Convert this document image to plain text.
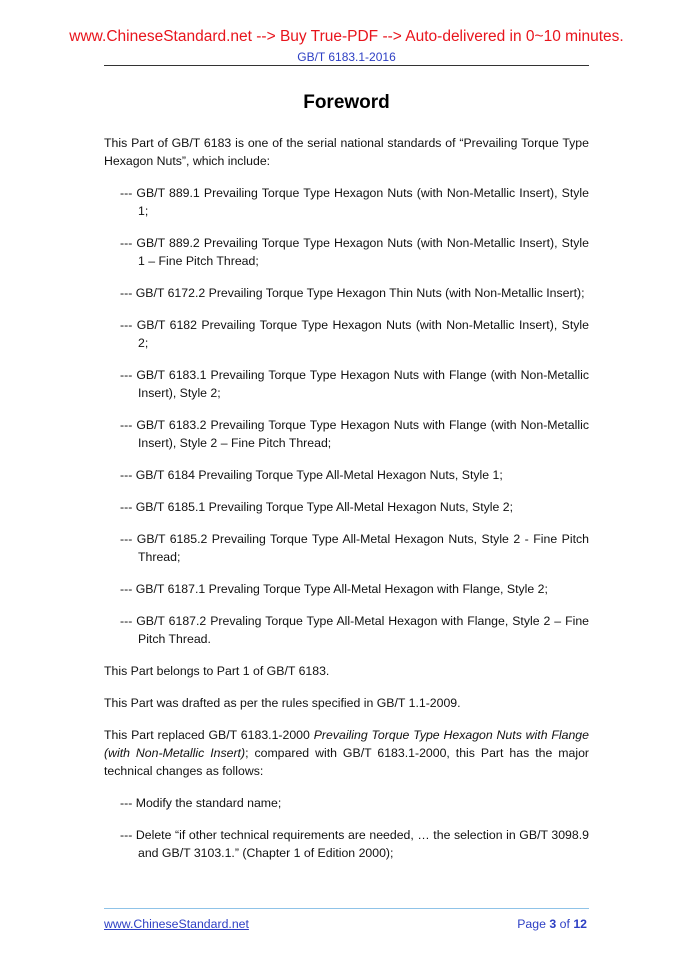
www.ChineseStandard.net --> Buy True-PDF --> Auto-delivered in 0~10 minutes.
GB/T 6183.1-2016
Foreword

This Part of GB/T 6183 is one of the serial national standards of “Prevailing Torque Type Hexagon Nuts”, which include:

--- GB/T 889.1 Prevailing Torque Type Hexagon Nuts (with Non-Metallic Insert), Style 1;

--- GB/T 889.2 Prevailing Torque Type Hexagon Nuts (with Non-Metallic Insert), Style 1 – Fine Pitch Thread;

--- GB/T 6172.2 Prevailing Torque Type Hexagon Thin Nuts (with Non-Metallic Insert);

--- GB/T 6182 Prevailing Torque Type Hexagon Nuts (with Non-Metallic Insert), Style 2;

--- GB/T 6183.1 Prevailing Torque Type Hexagon Nuts with Flange (with Non-Metallic Insert), Style 2;

--- GB/T 6183.2 Prevailing Torque Type Hexagon Nuts with Flange (with Non-Metallic Insert), Style 2 – Fine Pitch Thread;

--- GB/T 6184 Prevailing Torque Type All-Metal Hexagon Nuts, Style 1;

--- GB/T 6185.1 Prevailing Torque Type All-Metal Hexagon Nuts, Style 2;

--- GB/T 6185.2 Prevailing Torque Type All-Metal Hexagon Nuts, Style 2 - Fine Pitch Thread;

--- GB/T 6187.1 Prevaling Torque Type All-Metal Hexagon with Flange, Style 2;

--- GB/T 6187.2 Prevaling Torque Type All-Metal Hexagon with Flange, Style 2 – Fine Pitch Thread.

This Part belongs to Part 1 of GB/T 6183.

This Part was drafted as per the rules specified in GB/T 1.1-2009.

This Part replaced GB/T 6183.1-2000 Prevailing Torque Type Hexagon Nuts with Flange (with Non-Metallic Insert); compared with GB/T 6183.1-2000, this Part has the major technical changes as follows:

--- Modify the standard name;

--- Delete “if other technical requirements are needed, … the selection in GB/T 3098.9 and GB/T 3103.1.” (Chapter 1 of Edition 2000);

www.ChineseStandard.net	Page 3 of 12
